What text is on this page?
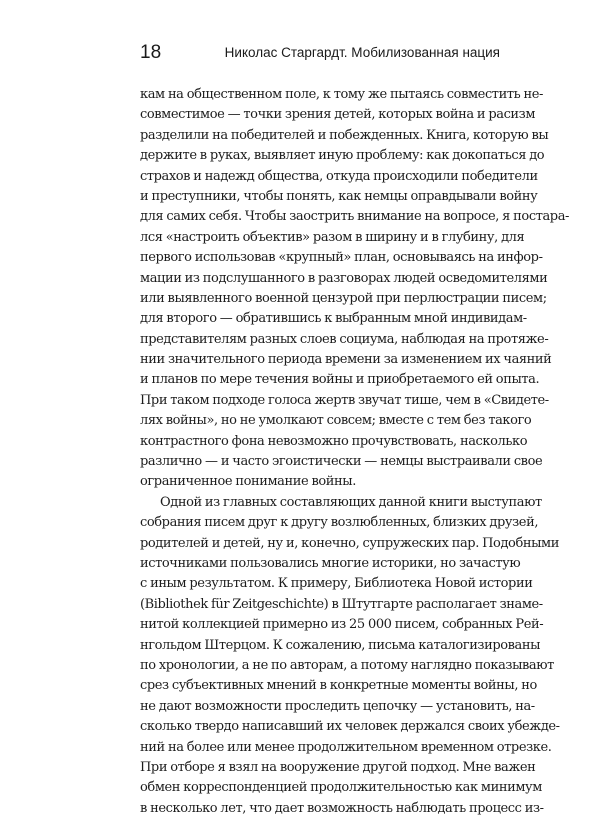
18	Николас Старгардт. Мобилизованная нация
кам на общественном поле, к тому же пытаясь совместить не-
совместимое — точки зрения детей, которых война и расизм
разделили на победителей и побежденных. Книга, которую вы
держите в руках, выявляет иную проблему: как докопаться до
страхов и надежд общества, откуда происходили победители
и преступники, чтобы понять, как немцы оправдывали войну
для самих себя. Чтобы заострить внимание на вопросе, я постара-
лся «настроить объектив» разом в ширину и в глубину, для
первого использовав «крупный» план, основываясь на инфор-
мации из подслушанного в разговорах людей осведомителями
или выявленного военной цензурой при перлюстрации писем;
для второго — обратившись к выбранным мной индивидам-
представителям разных слоев социума, наблюдая на протяже-
нии значительного периода времени за изменением их чаяний
и планов по мере течения войны и приобретаемого ей опыта.
При таком подходе голоса жертв звучат тише, чем в «Свидете-
лях войны», но не умолкают совсем; вместе с тем без такого
контрастного фона невозможно прочувствовать, насколько
различно — и часто эгоистически — немцы выстраивали свое
ограниченное понимание войны.
Одной из главных составляющих данной книги выступают
собрания писем друг к другу возлюбленных, близких друзей,
родителей и детей, ну и, конечно, супружеских пар. Подобными
источниками пользовались многие историки, но зачастую
с иным результатом. К примеру, Библиотека Новой истории
(Bibliothek für Zeitgeschichte) в Штутгарте располагает знаме-
нитой коллекцией примерно из 25 000 писем, собранных Рей-
нгольдом Штерцом. К сожалению, письма каталогизированы
по хронологии, а не по авторам, а потому наглядно показывают
срез субъективных мнений в конкретные моменты войны, но
не дают возможности проследить цепочку — установить, на-
сколько твердо написавший их человек держался своих убежде-
ний на более или менее продолжительном временном отрезке.
При отборе я взял на вооружение другой подход. Мне важен
обмен корреспонденцией продолжительностью как минимум
в несколько лет, что дает возможность наблюдать процесс из-
